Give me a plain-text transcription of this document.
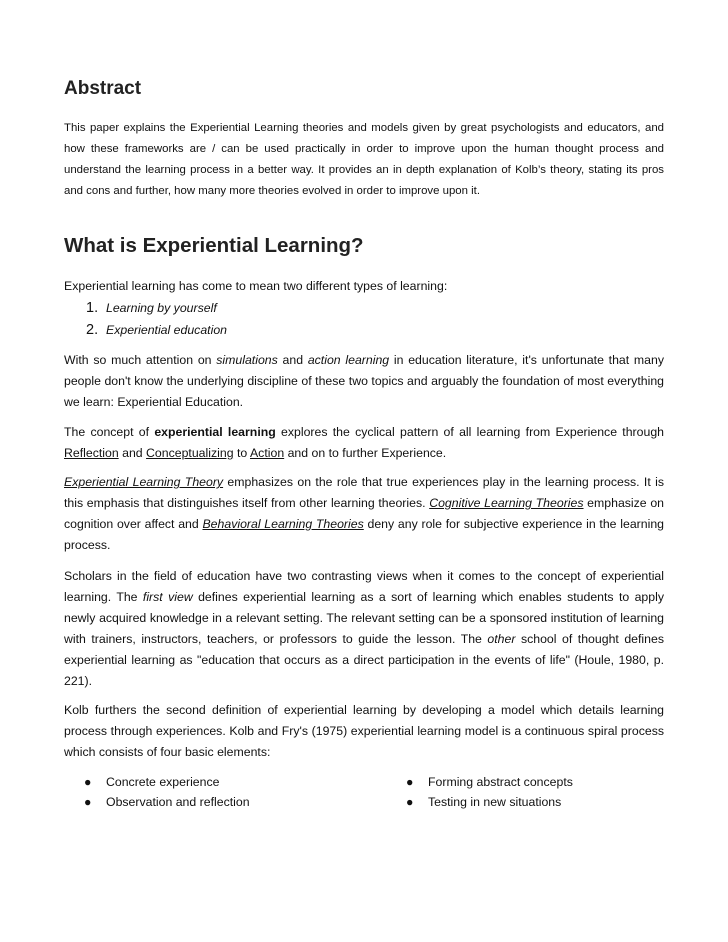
Abstract

This paper explains the Experiential Learning theories and models given by great psychologists and educators, and how these frameworks are / can be used practically in order to improve upon the human thought process and understand the learning process in a better way. It provides an in depth explanation of Kolb’s theory, stating its pros and cons and further, how many more theories evolved in order to improve upon it.

What is Experiential Learning?

Experiential learning has come to mean two different types of learning:

1. Learning by yourself
2. Experiential education

With so much attention on simulations and action learning in education literature, it's unfortunate that many people don't know the underlying discipline of these two topics and arguably the foundation of most everything we learn: Experiential Education.

The concept of experiential learning explores the cyclical pattern of all learning from Experience through Reflection and Conceptualizing to Action and on to further Experience.

Experiential Learning Theory emphasizes on the role that true experiences play in the learning process. It is this emphasis that distinguishes itself from other learning theories. Cognitive Learning Theories emphasize on cognition over affect and Behavioral Learning Theories deny any role for subjective experience in the learning process.

Scholars in the field of education have two contrasting views when it comes to the concept of experiential learning. The first view defines experiential learning as a sort of learning which enables students to apply newly acquired knowledge in a relevant setting. The relevant setting can be a sponsored institution of learning with trainers, instructors, teachers, or professors to guide the lesson. The other school of thought defines experiential learning as "education that occurs as a direct participation in the events of life" (Houle, 1980, p. 221).

Kolb furthers the second definition of experiential learning by developing a model which details learning process through experiences. Kolb and Fry's (1975) experiential learning model is a continuous spiral process which consists of four basic elements:

●	Concrete experience
●	Observation and reflection
●	Forming abstract concepts
●	Testing in new situations
